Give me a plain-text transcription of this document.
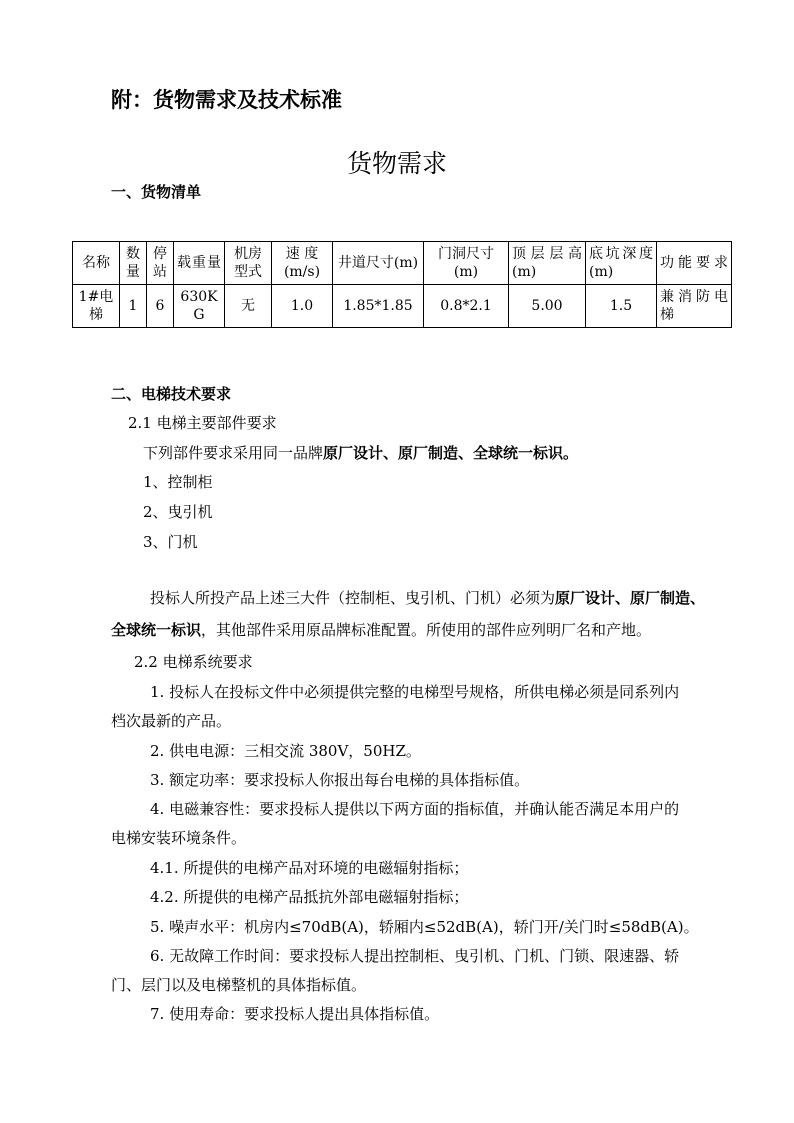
附：货物需求及技术标准
货物需求
一、货物清单
名称	数量	停站	载重量	机房型式	速 度(m/s)	井道尺寸(m)	门洞尺寸(m)	顶层层高(m)	底坑深度(m)	功能要求
1#电梯	1	6	630KG	无	1.0	1.85*1.85	0.8*2.1	5.00	1.5	兼消防电梯
二、电梯技术要求
2.1 电梯主要部件要求
下列部件要求采用同一品牌原厂设计、原厂制造、全球统一标识。
1、控制柜
2、曳引机
3、门机
投标人所投产品上述三大件（控制柜、曳引机、门机）必须为原厂设计、原厂制造、
全球统一标识，其他部件采用原品牌标准配置。所使用的部件应列明厂名和产地。
2.2 电梯系统要求
1. 投标人在投标文件中必须提供完整的电梯型号规格，所供电梯必须是同系列内
档次最新的产品。
2. 供电电源：三相交流 380V，50HZ。
3. 额定功率：要求投标人你报出每台电梯的具体指标值。
4. 电磁兼容性：要求投标人提供以下两方面的指标值，并确认能否满足本用户的
电梯安装环境条件。
4.1. 所提供的电梯产品对环境的电磁辐射指标；
4.2. 所提供的电梯产品抵抗外部电磁辐射指标；
5. 噪声水平：机房内≤70dB(A)，轿厢内≤52dB(A)，轿门开/关门时≤58dB(A)。
6. 无故障工作时间：要求投标人提出控制柜、曳引机、门机、门锁、限速器、轿
门、层门以及电梯整机的具体指标值。
7. 使用寿命：要求投标人提出具体指标值。
